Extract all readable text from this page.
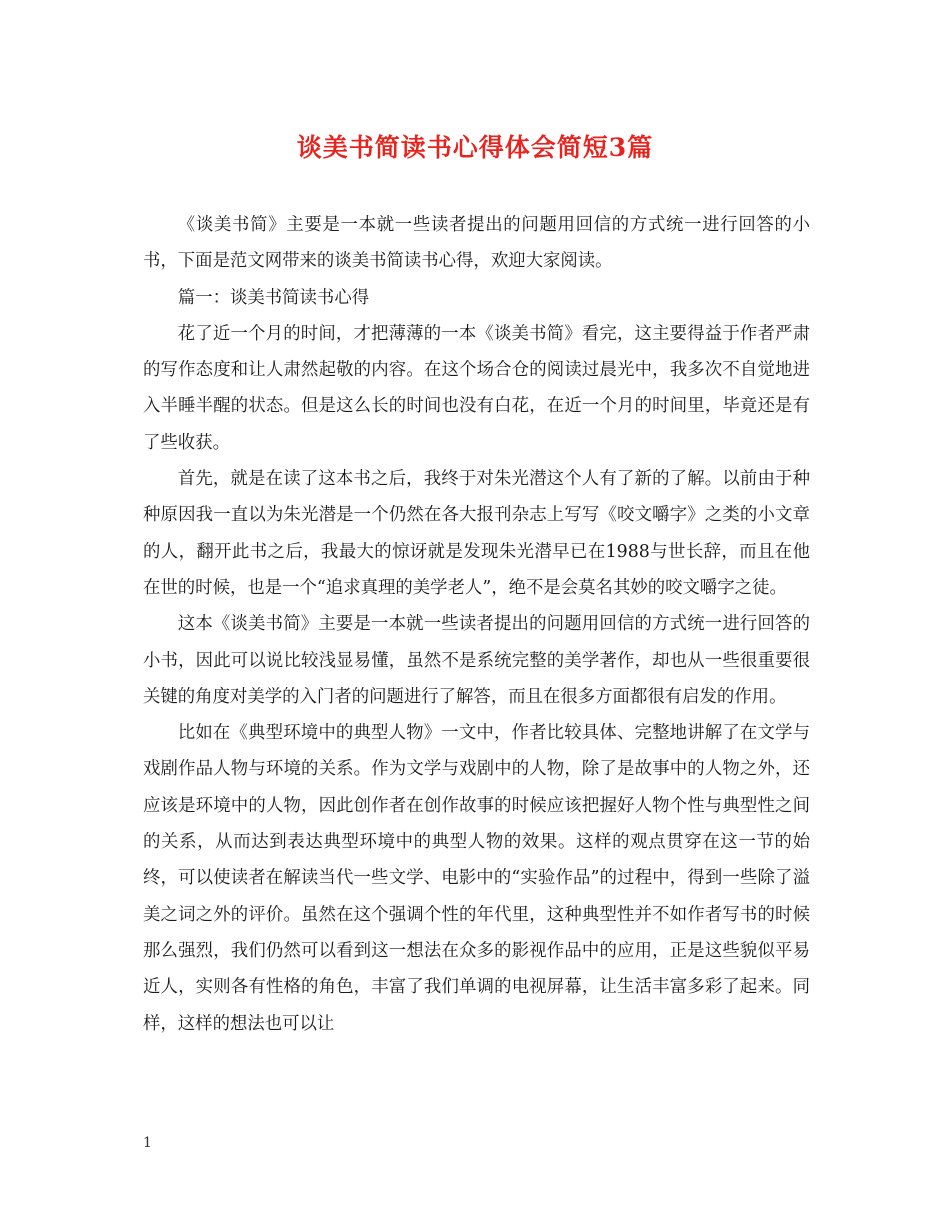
谈美书简读书心得体会简短3篇

《谈美书简》主要是一本就一些读者提出的问题用回信的方式统一进行回答的小书，下面是范文网带来的谈美书简读书心得，欢迎大家阅读。

篇一：谈美书简读书心得

花了近一个月的时间，才把薄薄的一本《谈美书简》看完，这主要得益于作者严肃的写作态度和让人肃然起敬的内容。在这个场合仓的阅读过晨光中，我多次不自觉地进入半睡半醒的状态。但是这么长的时间也没有白花，在近一个月的时间里，毕竟还是有了些收获。

首先，就是在读了这本书之后，我终于对朱光潜这个人有了新的了解。以前由于种种原因我一直以为朱光潜是一个仍然在各大报刊杂志上写写《咬文嚼字》之类的小文章的人，翻开此书之后，我最大的惊讶就是发现朱光潜早已在1988与世长辞，而且在他在世的时候，也是一个“追求真理的美学老人”，绝不是会莫名其妙的咬文嚼字之徒。

这本《谈美书简》主要是一本就一些读者提出的问题用回信的方式统一进行回答的小书，因此可以说比较浅显易懂，虽然不是系统完整的美学著作，却也从一些很重要很关键的角度对美学的入门者的问题进行了解答，而且在很多方面都很有启发的作用。

比如在《典型环境中的典型人物》一文中，作者比较具体、完整地讲解了在文学与戏剧作品人物与环境的关系。作为文学与戏剧中的人物，除了是故事中的人物之外，还应该是环境中的人物，因此创作者在创作故事的时候应该把握好人物个性与典型性之间的关系，从而达到表达典型环境中的典型人物的效果。这样的观点贯穿在这一节的始终，可以使读者在解读当代一些文学、电影中的“实验作品”的过程中，得到一些除了溢美之词之外的评价。虽然在这个强调个性的年代里，这种典型性并不如作者写书的时候那么强烈，我们仍然可以看到这一想法在众多的影视作品中的应用，正是这些貌似平易近人，实则各有性格的角色，丰富了我们单调的电视屏幕，让生活丰富多彩了起来。同样，这样的想法也可以让

1
